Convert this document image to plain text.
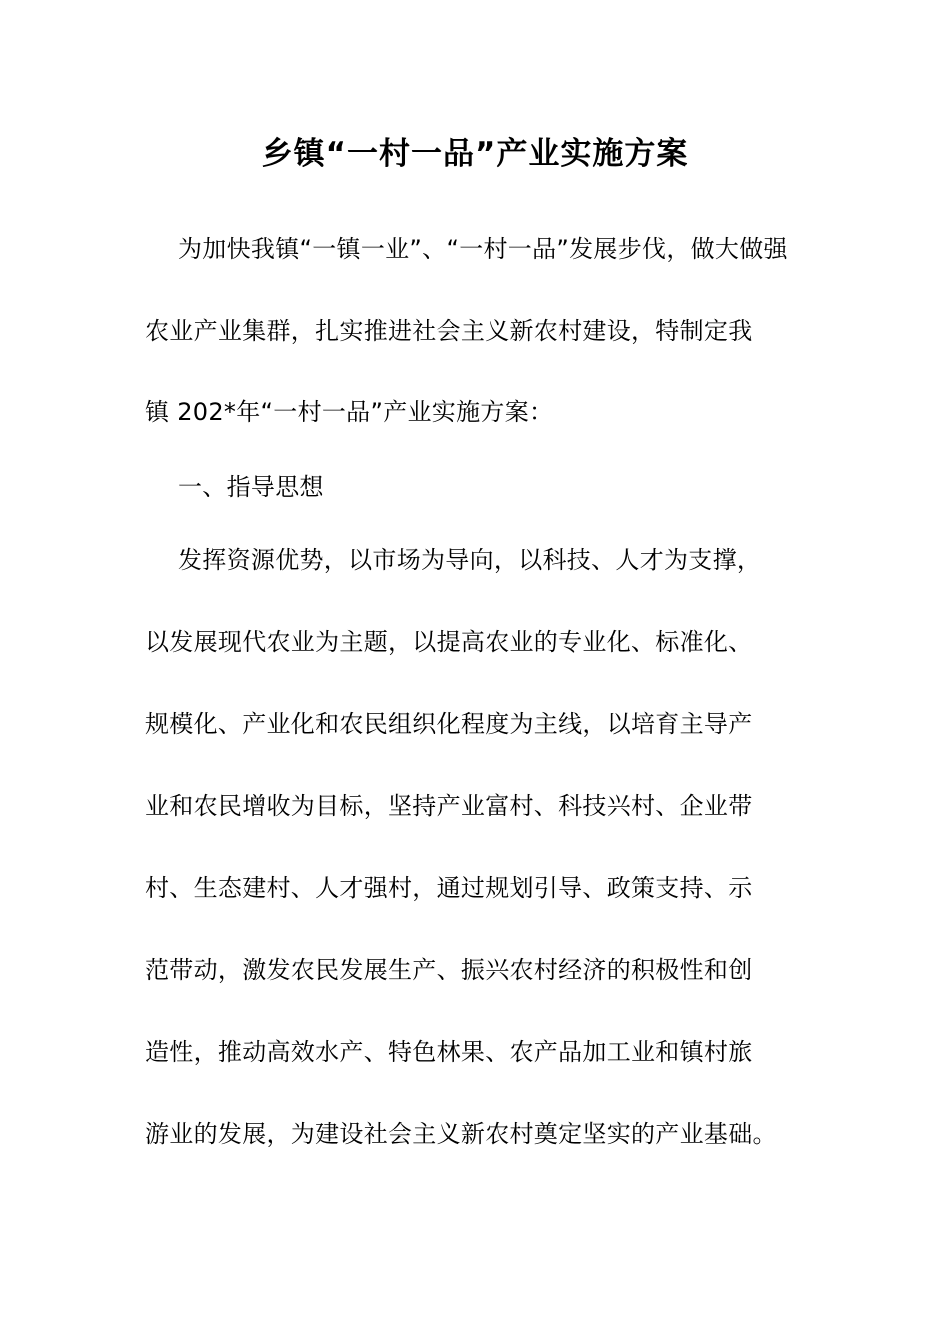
乡镇“一村一品”产业实施方案
为加快我镇“一镇一业”、“一村一品”发展步伐，做大做强
农业产业集群，扎实推进社会主义新农村建设，特制定我
镇 202*年“一村一品”产业实施方案：
一、指导思想
发挥资源优势，以市场为导向，以科技、人才为支撑，
以发展现代农业为主题，以提高农业的专业化、标准化、
规模化、产业化和农民组织化程度为主线，以培育主导产
业和农民增收为目标，坚持产业富村、科技兴村、企业带
村、生态建村、人才强村，通过规划引导、政策支持、示
范带动，激发农民发展生产、振兴农村经济的积极性和创
造性，推动高效水产、特色林果、农产品加工业和镇村旅
游业的发展，为建设社会主义新农村奠定坚实的产业基础。
